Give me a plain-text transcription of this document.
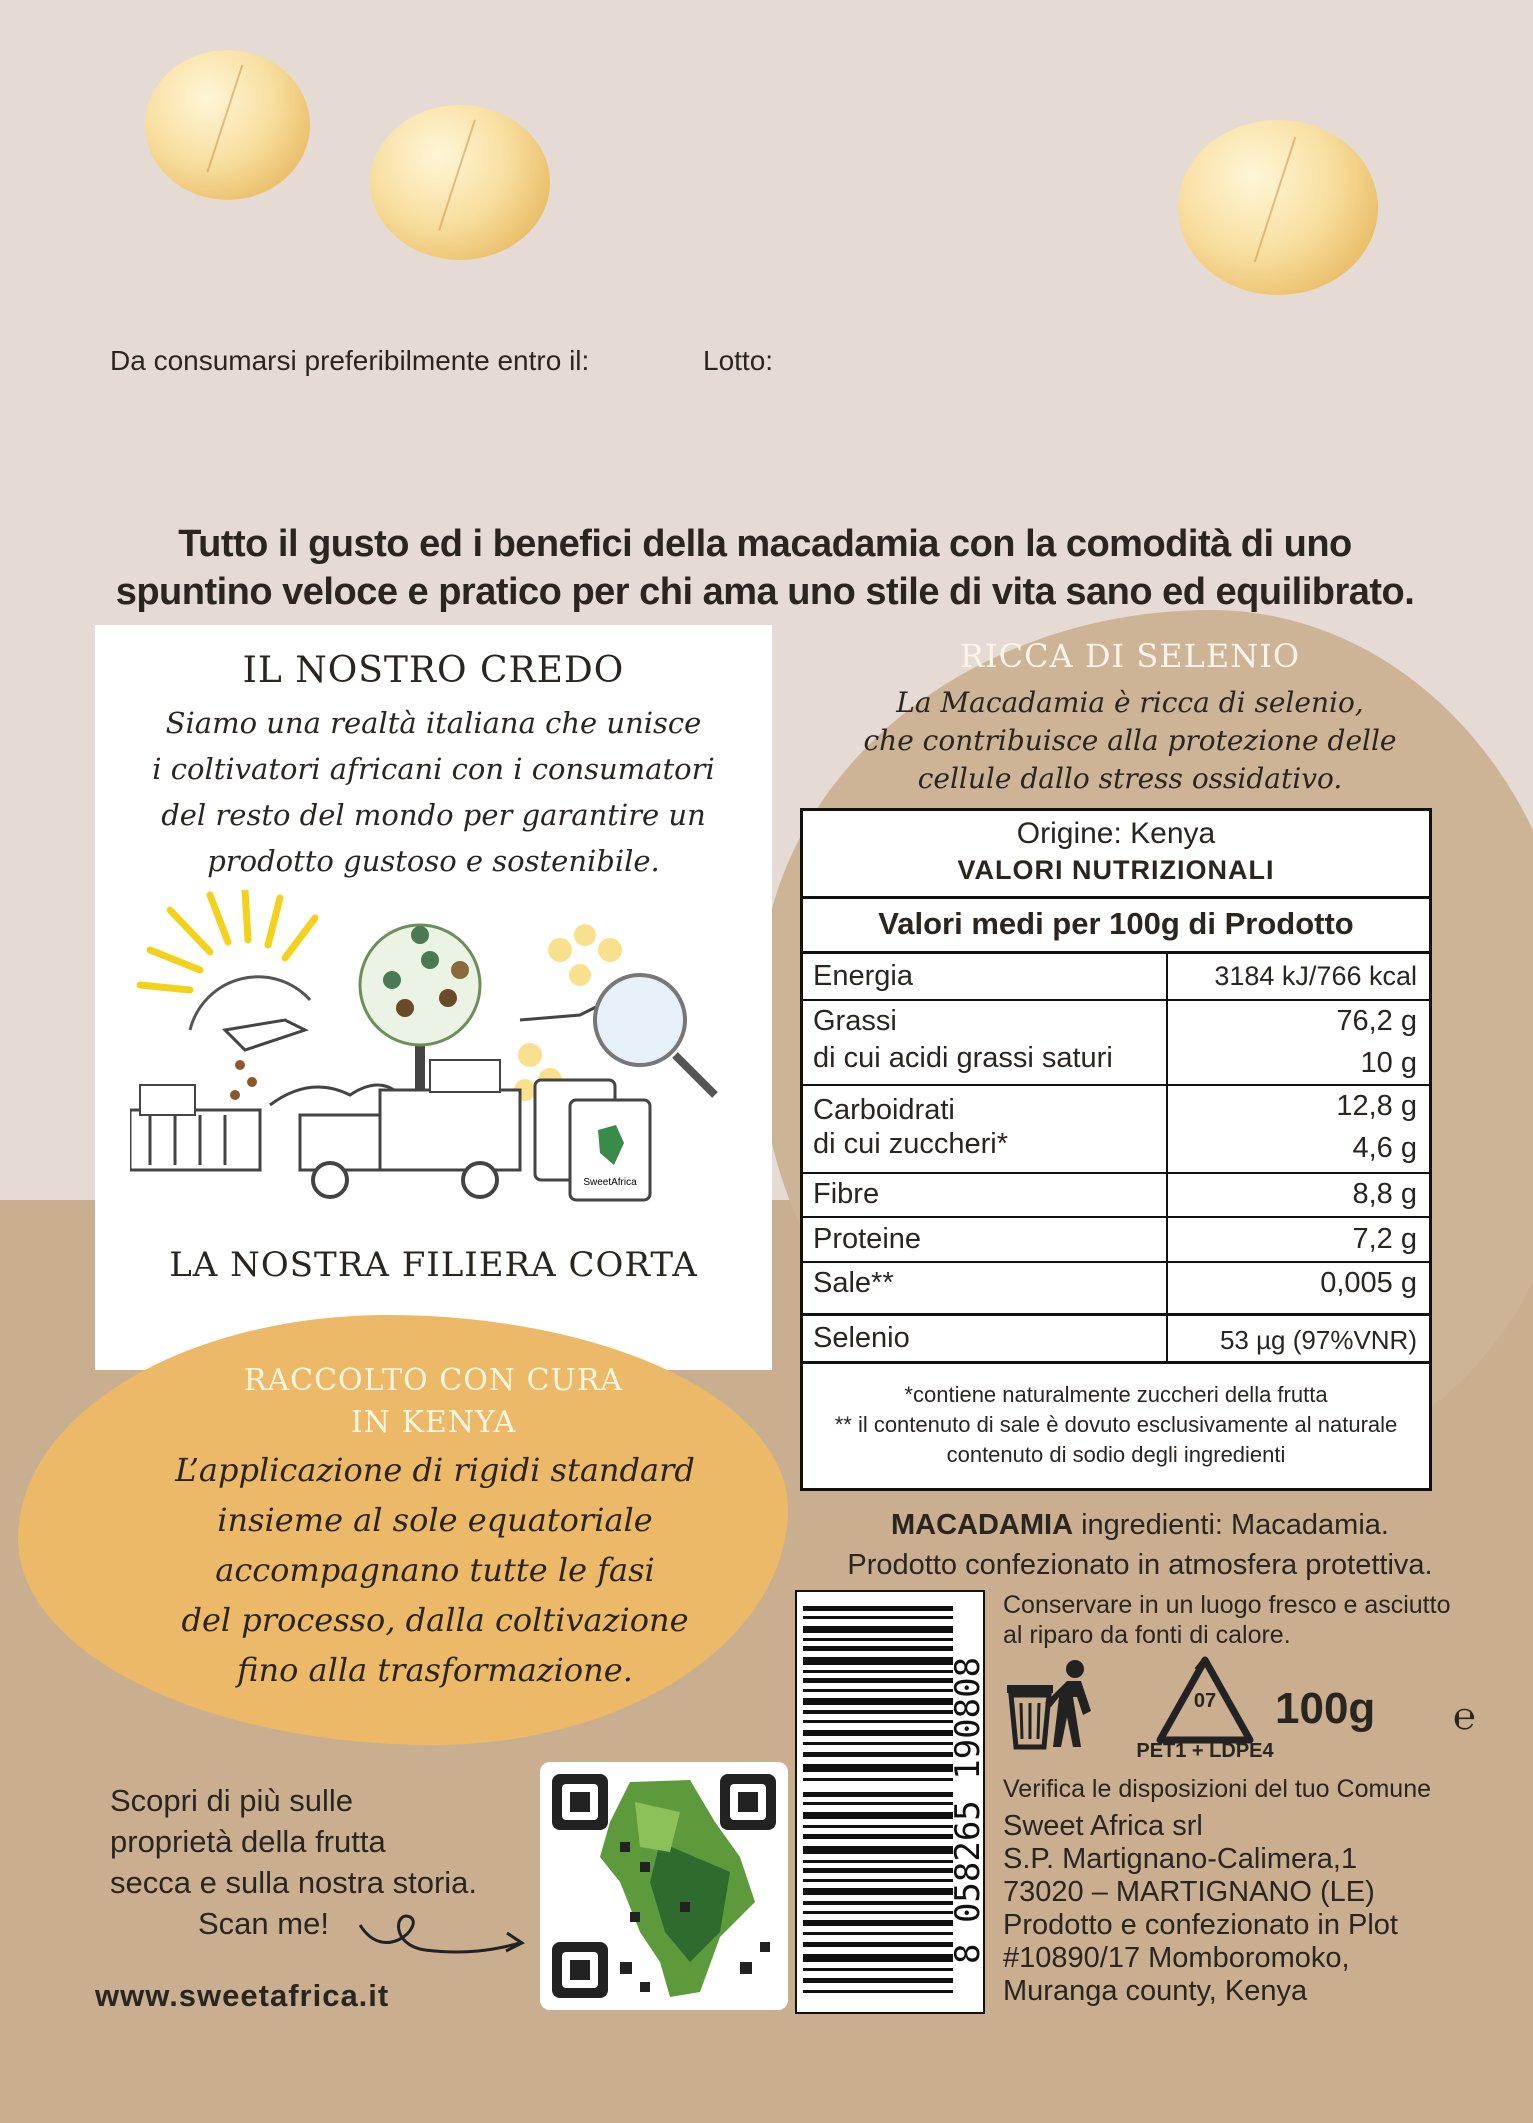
Da consumarsi preferibilmente entro il:	Lotto:
Tutto il gusto ed i benefici della macadamia con la comodità di uno
spuntino veloce e pratico per chi ama uno stile di vita sano ed equilibrato.
IL NOSTRO CREDO
Siamo una realtà italiana che unisce
i coltivatori africani con i consumatori
del resto del mondo per garantire un
prodotto gustoso e sostenibile.
SweetAfrica
LA NOSTRA FILIERA CORTA
RACCOLTO CON CURA
IN KENYA
L’applicazione di rigidi standard
insieme al sole equatoriale
accompagnano tutte le fasi
del processo, dalla coltivazione
fino alla trasformazione.
RICCA DI SELENIO
La Macadamia è ricca di selenio,
che contribuisce alla protezione delle
cellule dallo stress ossidativo.
Origine: Kenya
VALORI NUTRIZIONALI
Valori medi per 100g di Prodotto
Energia	3184 kJ/766 kcal
Grassi	76,2 g
di cui acidi grassi saturi	10 g
Carboidrati	12,8 g
di cui zuccheri*	4,6 g
Fibre	8,8 g
Proteine	7,2 g
Sale**	0,005 g
Selenio	53 µg (97%VNR)
*contiene naturalmente zuccheri della frutta
** il contenuto di sale è dovuto esclusivamente al naturale
contenuto di sodio degli ingredienti
MACADAMIA ingredienti: Macadamia.
Prodotto confezionato in atmosfera protettiva.
8 058265 190808
Conservare in un luogo fresco e asciutto
al riparo da fonti di calore.
07
PET1 + LDPE4
100g ℮
Verifica le disposizioni del tuo Comune
Sweet Africa srl
S.P. Martignano-Calimera,1
73020 – MARTIGNANO (LE)
Prodotto e confezionato in Plot
#10890/17 Momboromoko,
Muranga county, Kenya
Scopri di più sulle
proprietà della frutta
secca e sulla nostra storia.
Scan me!
www.sweetafrica.it
